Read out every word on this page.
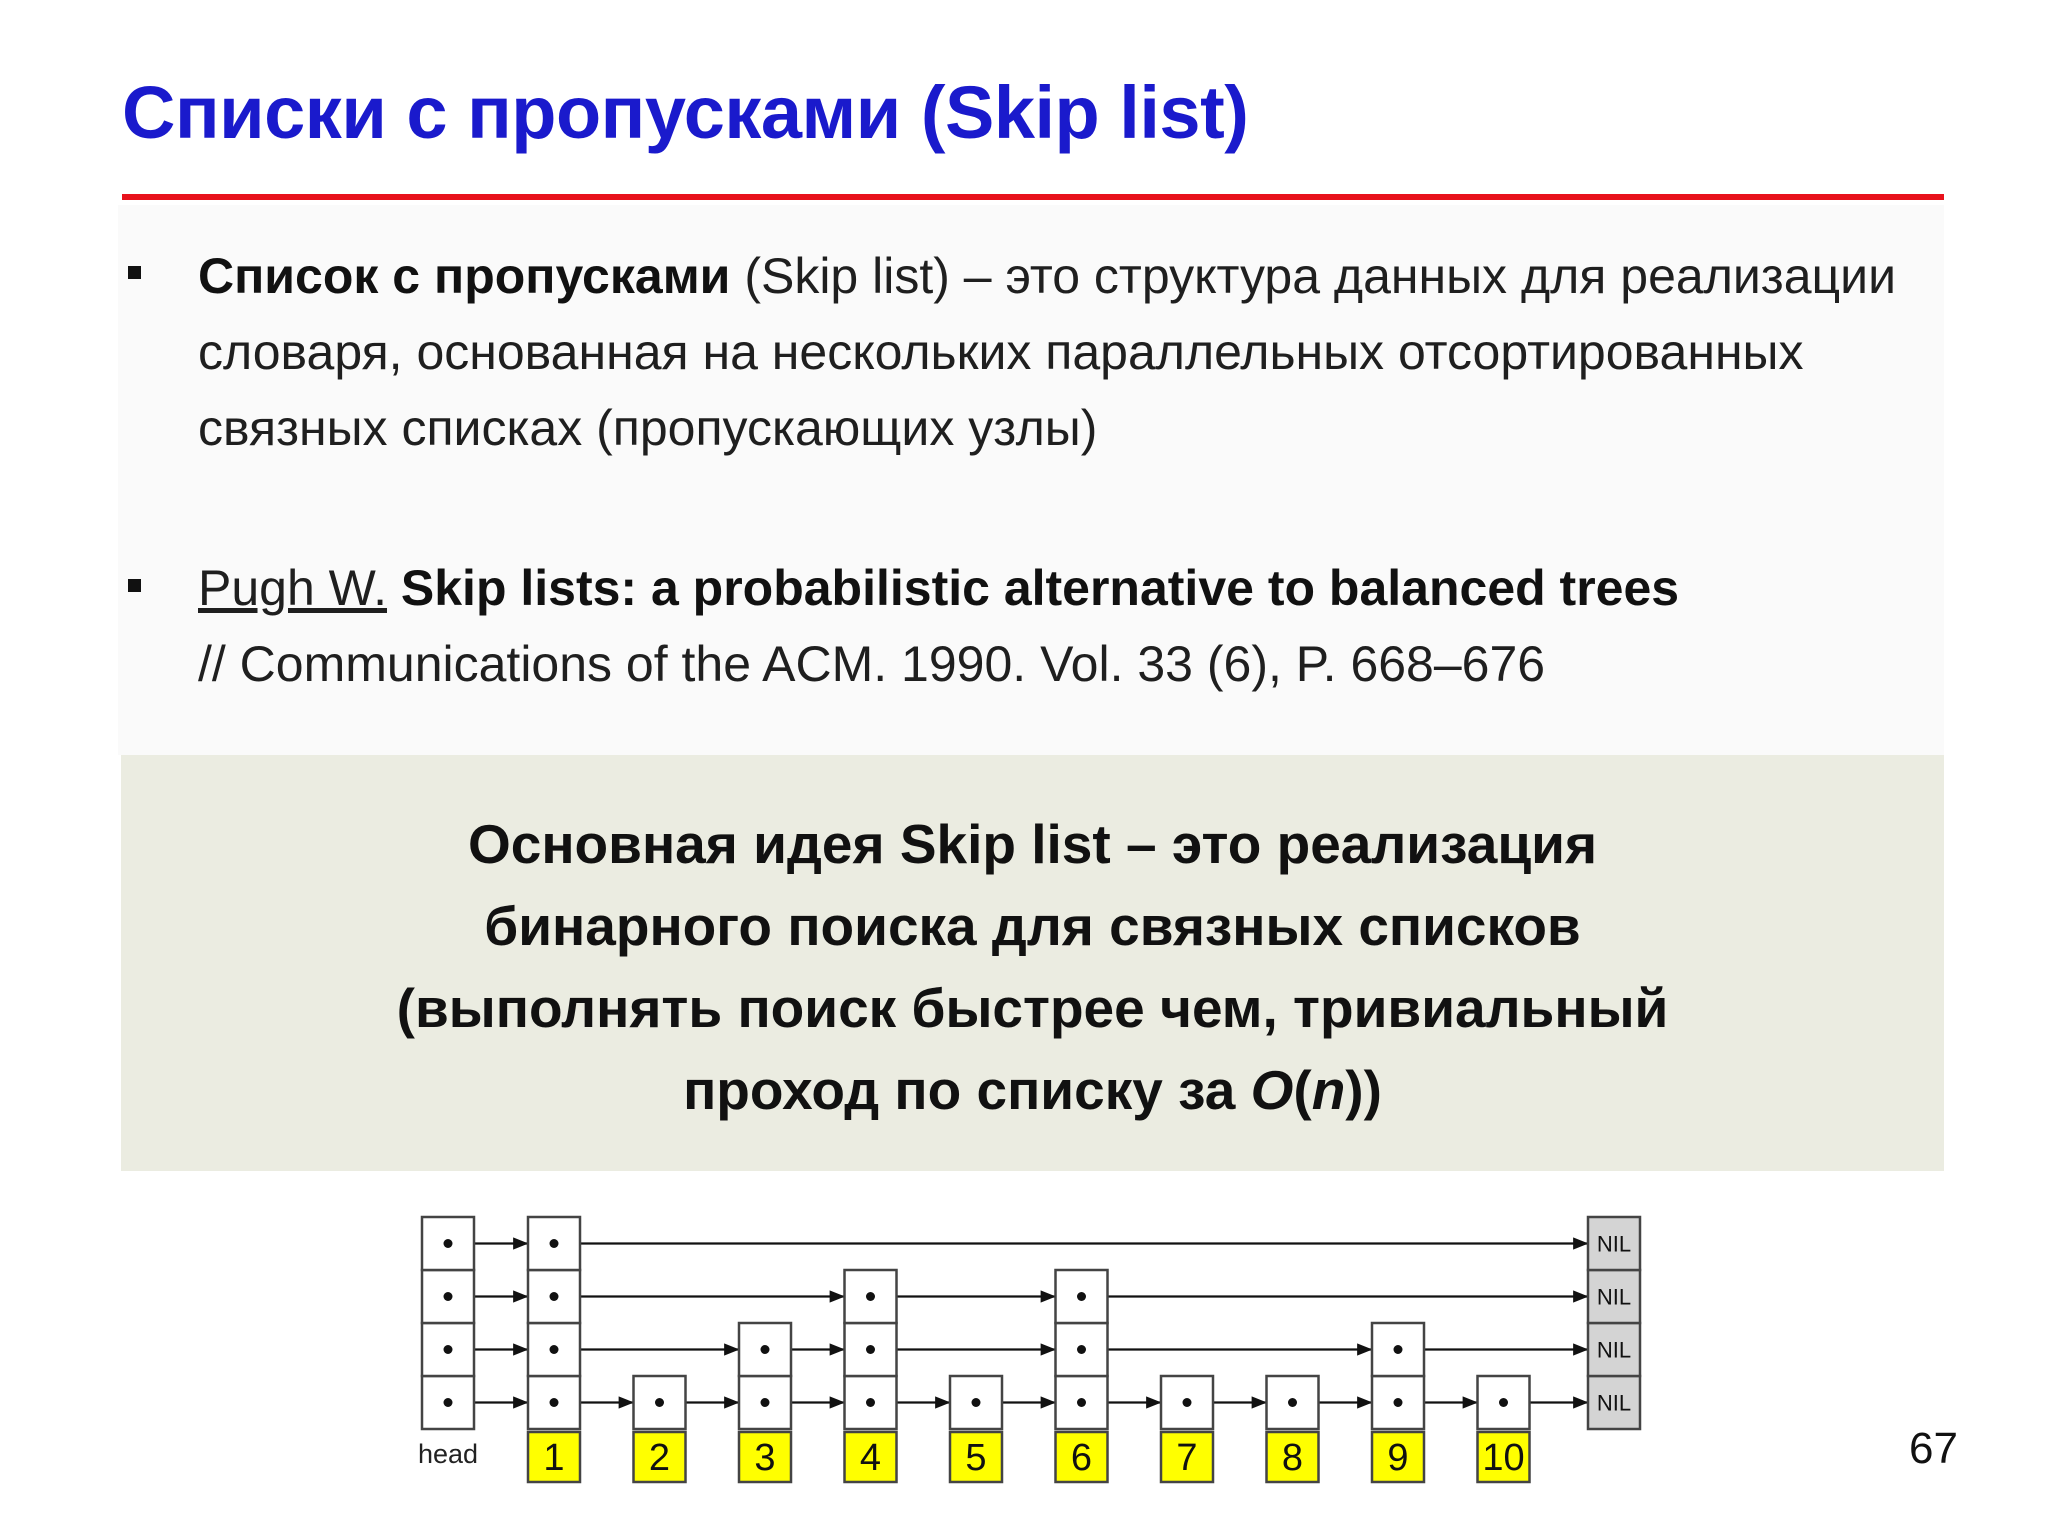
Списки с пропусками (Skip list)
Список с пропусками (Skip list) – это структура данных для реализации словаря, основанная на нескольких параллельных отсортированных связных списках (пропускающих узлы)
Pugh W. Skip lists: a probabilistic alternative to balanced trees
// Communications of the ACM. 1990. Vol. 33 (6), P. 668–676
Основная идея Skip list – это реализация
бинарного поиска для связных списков
(выполнять поиск быстрее чем, тривиальный
проход по списку за O(n))
NIL
NIL
NIL
NIL
1 2 3 4 5 6 7 8 9 10
head	67
